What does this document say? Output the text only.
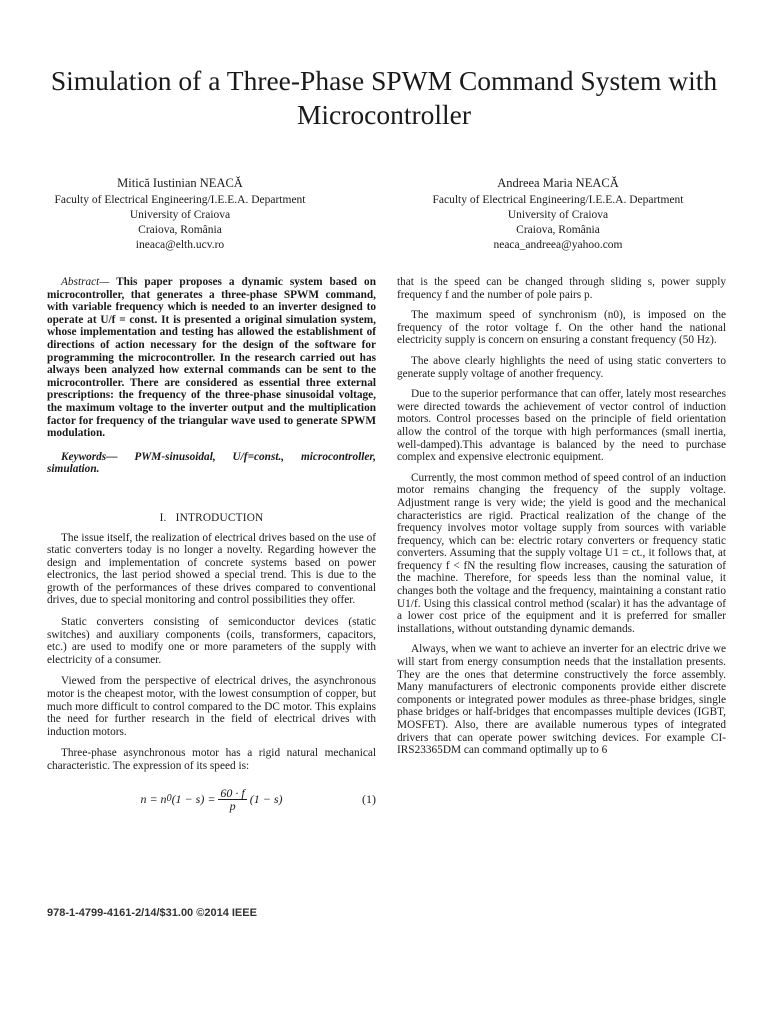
Simulation of a Three-Phase SPWM Command System with Microcontroller
Mitică Iustinian NEACĂ
Faculty of Electrical Engineering/I.E.E.A. Department
University of Craiova
Craiova, România
ineaca@elth.ucv.ro
Andreea Maria NEACĂ
Faculty of Electrical Engineering/I.E.E.A. Department
University of Craiova
Craiova, România
neaca_andreea@yahoo.com

Abstract— This paper proposes a dynamic system based on microcontroller, that generates a three-phase SPWM command, with variable frequency which is needed to an inverter designed to operate at U/f = const. It is presented a original simulation system, whose implementation and testing has allowed the establishment of directions of action necessary for the design of the software for programming the microcontroller. In the research carried out has always been analyzed how external commands can be sent to the microcontroller. There are considered as essential three external prescriptions: the frequency of the three-phase sinusoidal voltage, the maximum voltage to the inverter output and the multiplication factor for frequency of the triangular wave used to generate SPWM modulation.

Keywords— PWM-sinusoidal, U/f=const., microcontroller, simulation.

I. INTRODUCTION

The issue itself, the realization of electrical drives based on the use of static converters today is no longer a novelty. Regarding however the design and implementation of concrete systems based on power electronics, the last period showed a special trend. This is due to the growth of the performances of these drives compared to conventional drives, due to special monitoring and control possibilities they offer.

Static converters consisting of semiconductor devices (static switches) and auxiliary components (coils, transformers, capacitors, etc.) are used to modify one or more parameters of the supply with electricity of a consumer.

Viewed from the perspective of electrical drives, the asynchronous motor is the cheapest motor, with the lowest consumption of copper, but much more difficult to control compared to the DC motor. This explains the need for further research in the field of electrical drives with induction motors.

Three-phase asynchronous motor has a rigid natural mechanical characteristic. The expression of its speed is:

n = n 0 $(1 - s) = \frac{60 \cdot f}{p} (1 - s)$	(1)

that is the speed can be changed through sliding s, power supply frequency f and the number of pole pairs p.

The maximum speed of synchronism (n0), is imposed on the frequency of the rotor voltage f. On the other hand the national electricity supply is concern on ensuring a constant frequency (50 Hz).

The above clearly highlights the need of using static converters to generate supply voltage of another frequency.

Due to the superior performance that can offer, lately most researches were directed towards the achievement of vector control of induction motors. Control processes based on the principle of field orientation allow the control of the torque with high performances (small inertia, well-damped).This advantage is balanced by the need to purchase complex and expensive electronic equipment.

Currently, the most common method of speed control of an induction motor remains changing the frequency of the supply voltage. Adjustment range is very wide; the yield is good and the mechanical characteristics are rigid. Practical realization of the change of the frequency involves motor voltage supply from sources with variable frequency, which can be: electric rotary converters or frequency static converters. Assuming that the supply voltage U1 = ct., it follows that, at frequency f < fN the resulting flow increases, causing the saturation of the machine. Therefore, for speeds less than the nominal value, it changes both the voltage and the frequency, maintaining a constant ratio U1/f. Using this classical control method (scalar) it has the advantage of a lower cost price of the equipment and it is preferred for smaller installations, without outstanding dynamic demands.

Always, when we want to achieve an inverter for an electric drive we will start from energy consumption needs that the installation presents. They are the ones that determine constructively the force assembly. Many manufacturers of electronic components provide either discrete components or integrated power modules as three-phase bridges, single phase bridges or half-bridges that encompasses multiple devices (IGBT, MOSFET). Also, there are available numerous types of integrated drivers that can operate power switching devices. For example CI-IRS23365DM can command optimally up to 6

978-1-4799-4161-2/14/$31.00 ©2014 IEEE
